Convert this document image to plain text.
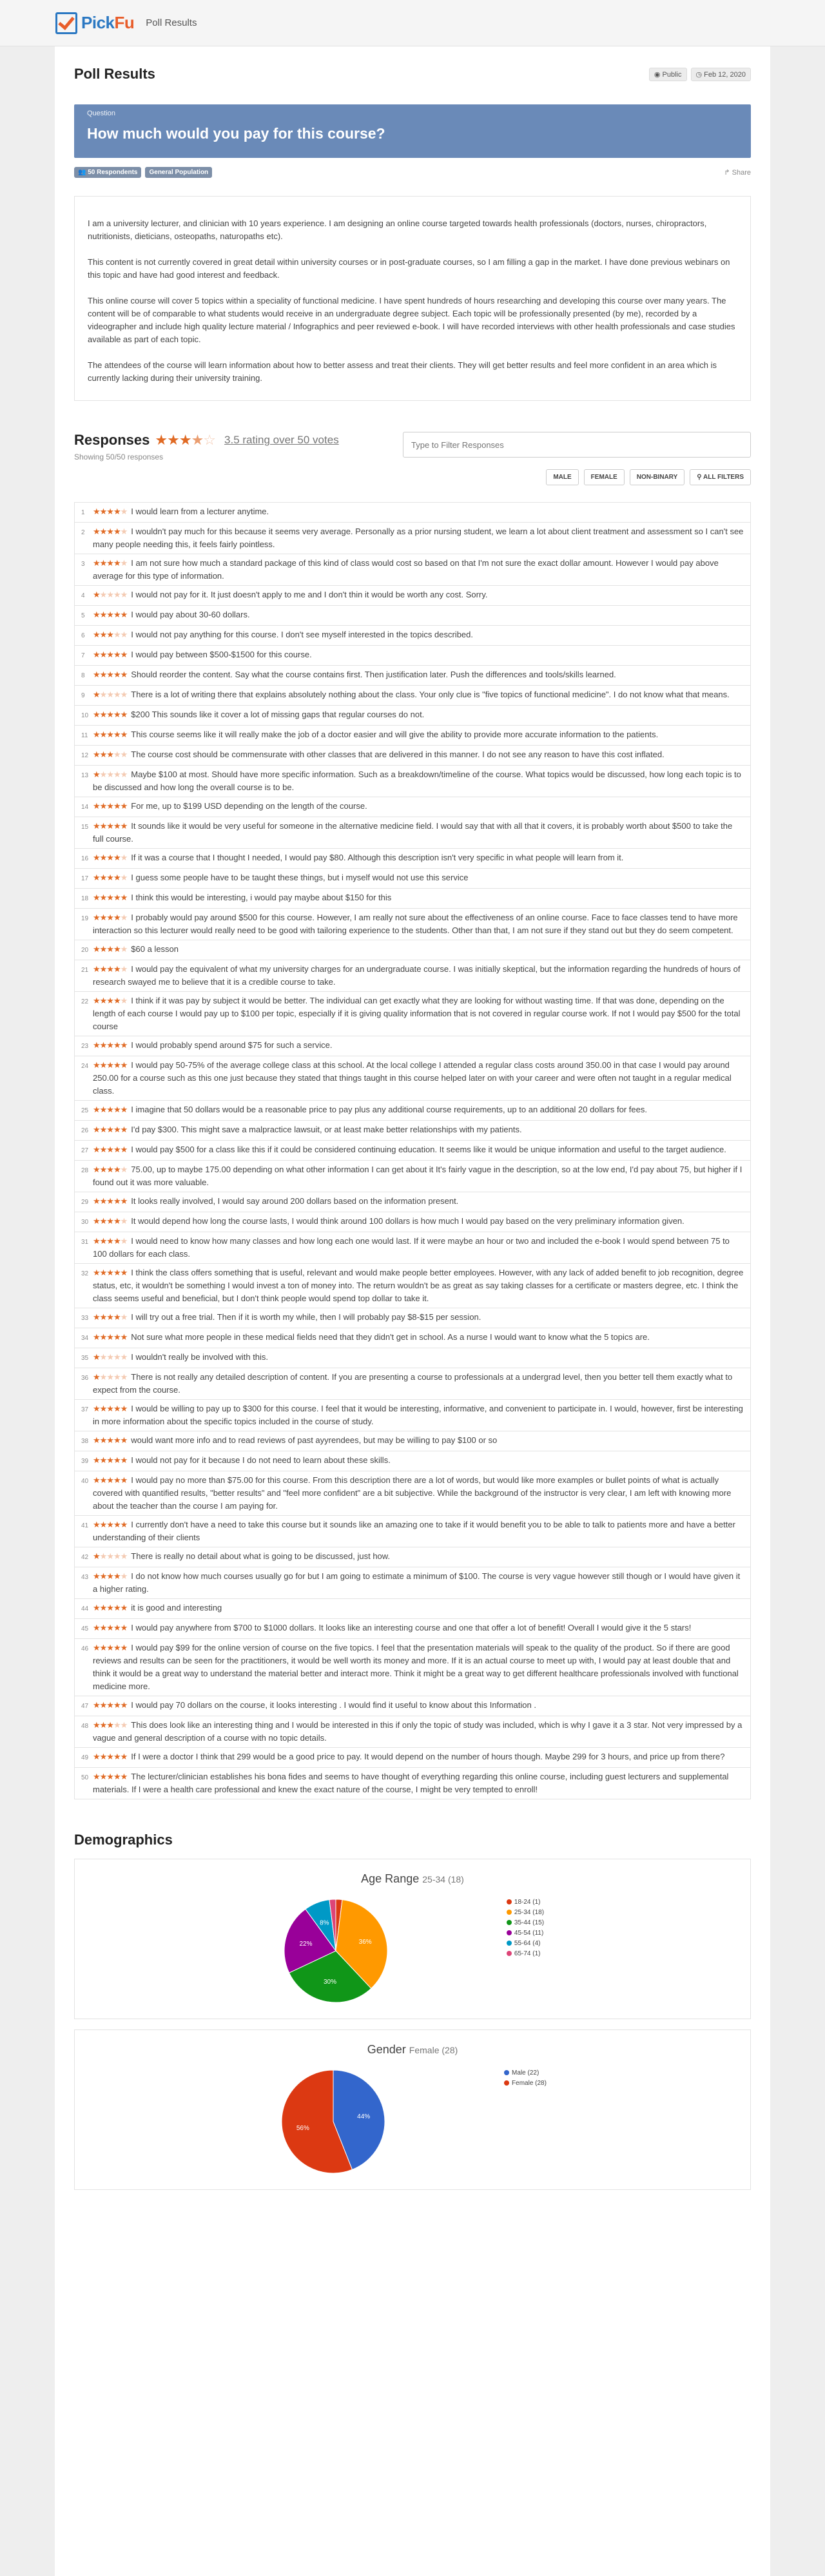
PickFu Poll Results
Poll Results	◉ Public	◷ Feb 12, 2020
Question
How much would you pay for this course?
👥 50 Respondents	General Population	↱ Share

I am a university lecturer, and clinician with 10 years experience. I am designing an online course targeted towards health professionals (doctors, nurses, chiropractors, nutritionists, dieticians, osteopaths, naturopaths etc).

This content is not currently covered in great detail within university courses or in post-graduate courses, so I am filling a gap in the market. I have done previous webinars on this topic and have had good interest and feedback.

This online course will cover 5 topics within a speciality of functional medicine. I have spent hundreds of hours researching and developing this course over many years. The content will be of comparable to what students would receive in an undergraduate degree subject. Each topic will be professionally presented (by me), recorded by a videographer and include high quality lecture material / Infographics and peer reviewed e-book. I will have recorded interviews with other health professionals and case studies available as part of each topic.

The attendees of the course will learn information about how to better assess and treat their clients. They will get better results and feel more confident in an area which is currently lacking during their university training.

Responses ★★★★☆ 3.5 rating over 50 votes
Showing 50/50 responses
Type to Filter Responses
MALE	FEMALE	NON-BINARY	⚲ ALL FILTERS
1 ★★★★★ I would learn from a lecturer anytime.
2 ★★★★★ I wouldn't pay much for this because it seems very average. Personally as a prior nursing student, we learn a lot about client treatment and assessment so I can't see many people needing this, it feels fairly pointless.
3 ★★★★★ I am not sure how much a standard package of this kind of class would cost so based on that I'm not sure the exact dollar amount. However I would pay above average for this type of information.
4 ★★★★★ I would not pay for it. It just doesn't apply to me and I don't thin it would be worth any cost. Sorry.
5 ★★★★★ I would pay about 30-60 dollars.
6 ★★★★★ I would not pay anything for this course. I don't see myself interested in the topics described.
7 ★★★★★ I would pay between $500-$1500 for this course.
8 ★★★★★ Should reorder the content. Say what the course contains first. Then justification later. Push the differences and tools/skills learned.
9 ★★★★★ There is a lot of writing there that explains absolutely nothing about the class. Your only clue is "five topics of functional medicine". I do not know what that means.
10 ★★★★★ $200 This sounds like it cover a lot of missing gaps that regular courses do not.
11 ★★★★★ This course seems like it will really make the job of a doctor easier and will give the ability to provide more accurate information to the patients.
12 ★★★★★ The course cost should be commensurate with other classes that are delivered in this manner. I do not see any reason to have this cost inflated.
13 ★★★★★ Maybe $100 at most. Should have more specific information. Such as a breakdown/timeline of the course. What topics would be discussed, how long each topic is to be discussed and how long the overall course is to be.
14 ★★★★★ For me, up to $199 USD depending on the length of the course.
15 ★★★★★ It sounds like it would be very useful for someone in the alternative medicine field. I would say that with all that it covers, it is probably worth about $500 to take the full course.
16 ★★★★★ If it was a course that I thought I needed, I would pay $80. Although this description isn't very specific in what people will learn from it.
17 ★★★★★ I guess some people have to be taught these things, but i myself would not use this service
18 ★★★★★ I think this would be interesting, i would pay maybe about $150 for this
19 ★★★★★ I probably would pay around $500 for this course. However, I am really not sure about the effectiveness of an online course. Face to face classes tend to have more interaction so this lecturer would really need to be good with tailoring experience to the students. Other than that, I am not sure if they stand out but they do seem competent.
20 ★★★★★ $60 a lesson
21 ★★★★★ I would pay the equivalent of what my university charges for an undergraduate course. I was initially skeptical, but the information regarding the hundreds of hours of research swayed me to believe that it is a credible course to take.
22 ★★★★★ I think if it was pay by subject it would be better. The individual can get exactly what they are looking for without wasting time. If that was done, depending on the length of each course I would pay up to $100 per topic, especially if it is giving quality information that is not covered in regular course work. If not I would pay $500 for the total course
23 ★★★★★ I would probably spend around $75 for such a service.
24 ★★★★★ I would pay 50-75% of the average college class at this school. At the local college I attended a regular class costs around 350.00 in that case I would pay around 250.00 for a course such as this one just because they stated that things taught in this course helped later on with your career and were often not taught in a regular medical class.
25 ★★★★★ I imagine that 50 dollars would be a reasonable price to pay plus any additional course requirements, up to an additional 20 dollars for fees.
26 ★★★★★ I'd pay $300. This might save a malpractice lawsuit, or at least make better relationships with my patients.
27 ★★★★★ I would pay $500 for a class like this if it could be considered continuing education. It seems like it would be unique information and useful to the target audience.
28 ★★★★★ 75.00, up to maybe 175.00 depending on what other information I can get about it It's fairly vague in the description, so at the low end, I'd pay about 75, but higher if I found out it was more valuable.
29 ★★★★★ It looks really involved, I would say around 200 dollars based on the information present.
30 ★★★★★ It would depend how long the course lasts, I would think around 100 dollars is how much I would pay based on the very preliminary information given.
31 ★★★★★ I would need to know how many classes and how long each one would last. If it were maybe an hour or two and included the e-book I would spend between 75 to 100 dollars for each class.
32 ★★★★★ I think the class offers something that is useful, relevant and would make people better employees. However, with any lack of added benefit to job recognition, degree status, etc, it wouldn't be something I would invest a ton of money into. The return wouldn't be as great as say taking classes for a certificate or masters degree, etc. I think the class seems useful and beneficial, but I don't think people would spend top dollar to take it.
33 ★★★★★ I will try out a free trial. Then if it is worth my while, then I will probably pay $8-$15 per session.
34 ★★★★★ Not sure what more people in these medical fields need that they didn't get in school. As a nurse I would want to know what the 5 topics are.
35 ★★★★★ I wouldn't really be involved with this.
36 ★★★★★ There is not really any detailed description of content. If you are presenting a course to professionals at a undergrad level, then you better tell them exactly what to expect from the course.
37 ★★★★★ I would be willing to pay up to $300 for this course. I feel that it would be interesting, informative, and convenient to participate in. I would, however, first be interesting in more information about the specific topics included in the course of study.
38 ★★★★★ would want more info and to read reviews of past ayyrendees, but may be willing to pay $100 or so
39 ★★★★★ I would not pay for it because I do not need to learn about these skills.
40 ★★★★★ I would pay no more than $75.00 for this course. From this description there are a lot of words, but would like more examples or bullet points of what is actually covered with quantified results, "better results" and "feel more confident" are a bit subjective. While the background of the instructor is very clear, I am left with knowing more about the teacher than the course I am paying for.
41 ★★★★★ I currently don't have a need to take this course but it sounds like an amazing one to take if it would benefit you to be able to talk to patients more and have a better understanding of their clients
42 ★★★★★ There is really no detail about what is going to be discussed, just how.
43 ★★★★★ I do not know how much courses usually go for but I am going to estimate a minimum of $100. The course is very vague however still though or I would have given it a higher rating.
44 ★★★★★ it is good and interesting
45 ★★★★★ I would pay anywhere from $700 to $1000 dollars. It looks like an interesting course and one that offer a lot of benefit! Overall I would give it the 5 stars!
46 ★★★★★ I would pay $99 for the online version of course on the five topics. I feel that the presentation materials will speak to the quality of the product. So if there are good reviews and results can be seen for the practitioners, it would be well worth its money and more. If it is an actual course to meet up with, I would pay at least double that and think it would be a great way to understand the material better and interact more. Think it might be a great way to get different healthcare professionals involved with functional medicine more.
47 ★★★★★ I would pay 70 dollars on the course, it looks interesting . I would find it useful to know about this Information .
48 ★★★★★ This does look like an interesting thing and I would be interested in this if only the topic of study was included, which is why I gave it a 3 star. Not very impressed by a vague and general description of a course with no topic details.
49 ★★★★★ If I were a doctor I think that 299 would be a good price to pay. It would depend on the number of hours though. Maybe 299 for 3 hours, and price up from there?
50 ★★★★★ The lecturer/clinician establishes his bona fides and seems to have thought of everything regarding this online course, including guest lecturers and supplemental materials. If I were a health care professional and knew the exact nature of the course, I might be very tempted to enroll!
Demographics
Age Range 25-34 (18)
36%
30%
22%
8%
18-24 (1)
25-34 (18)
35-44 (15)
45-54 (11)
55-64 (4)
65-74 (1)
Gender Female (28)
44%
56%
Male (22)
Female (28)
